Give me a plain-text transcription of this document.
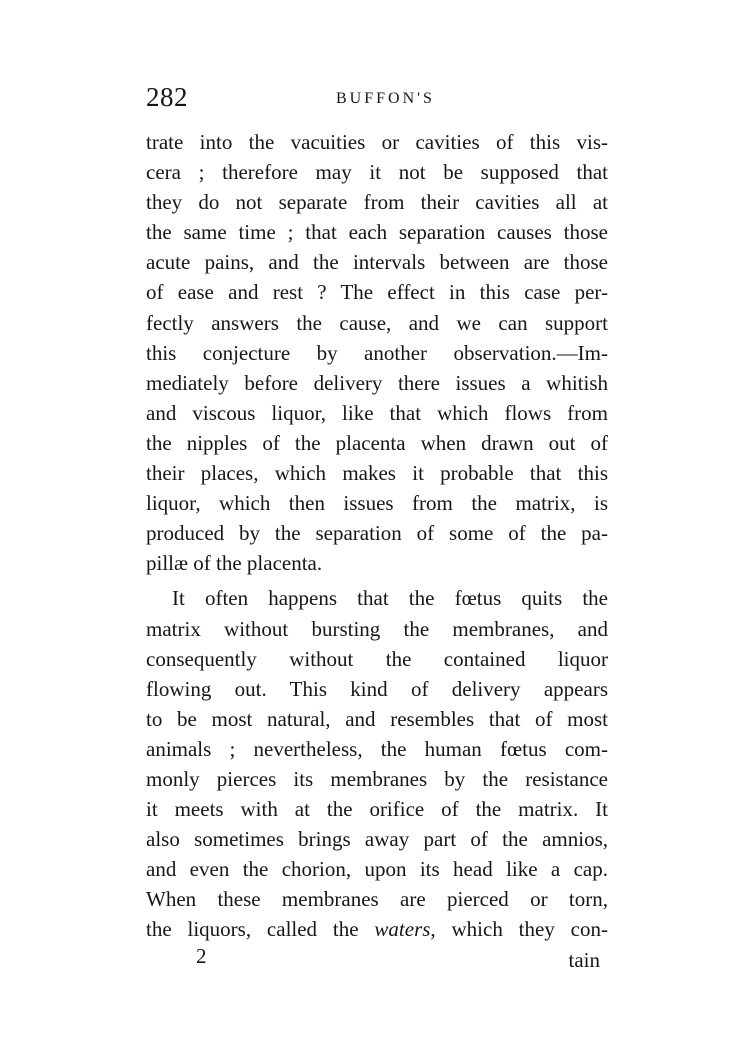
282	BUFFON'S
trate into the vacuities or cavities of this vis-
cera ; therefore may it not be supposed that
they do not separate from their cavities all at
the same time ; that each separation causes those
acute pains, and the intervals between are those
of ease and rest ? The effect in this case per-
fectly answers the cause, and we can support
this conjecture by another observation.—Im-
mediately before delivery there issues a whitish
and viscous liquor, like that which flows from
the nipples of the placenta when drawn out of
their places, which makes it probable that this
liquor, which then issues from the matrix, is
produced by the separation of some of the pa-
pillæ of the placenta.
It often happens that the fœtus quits the
matrix without bursting the membranes, and
consequently without the contained liquor
flowing out. This kind of delivery appears
to be most natural, and resembles that of most
animals ; nevertheless, the human fœtus com-
monly pierces its membranes by the resistance
it meets with at the orifice of the matrix. It
also sometimes brings away part of the amnios,
and even the chorion, upon its head like a cap.
When these membranes are pierced or torn,
the liquors, called the waters, which they con-
2	tain
